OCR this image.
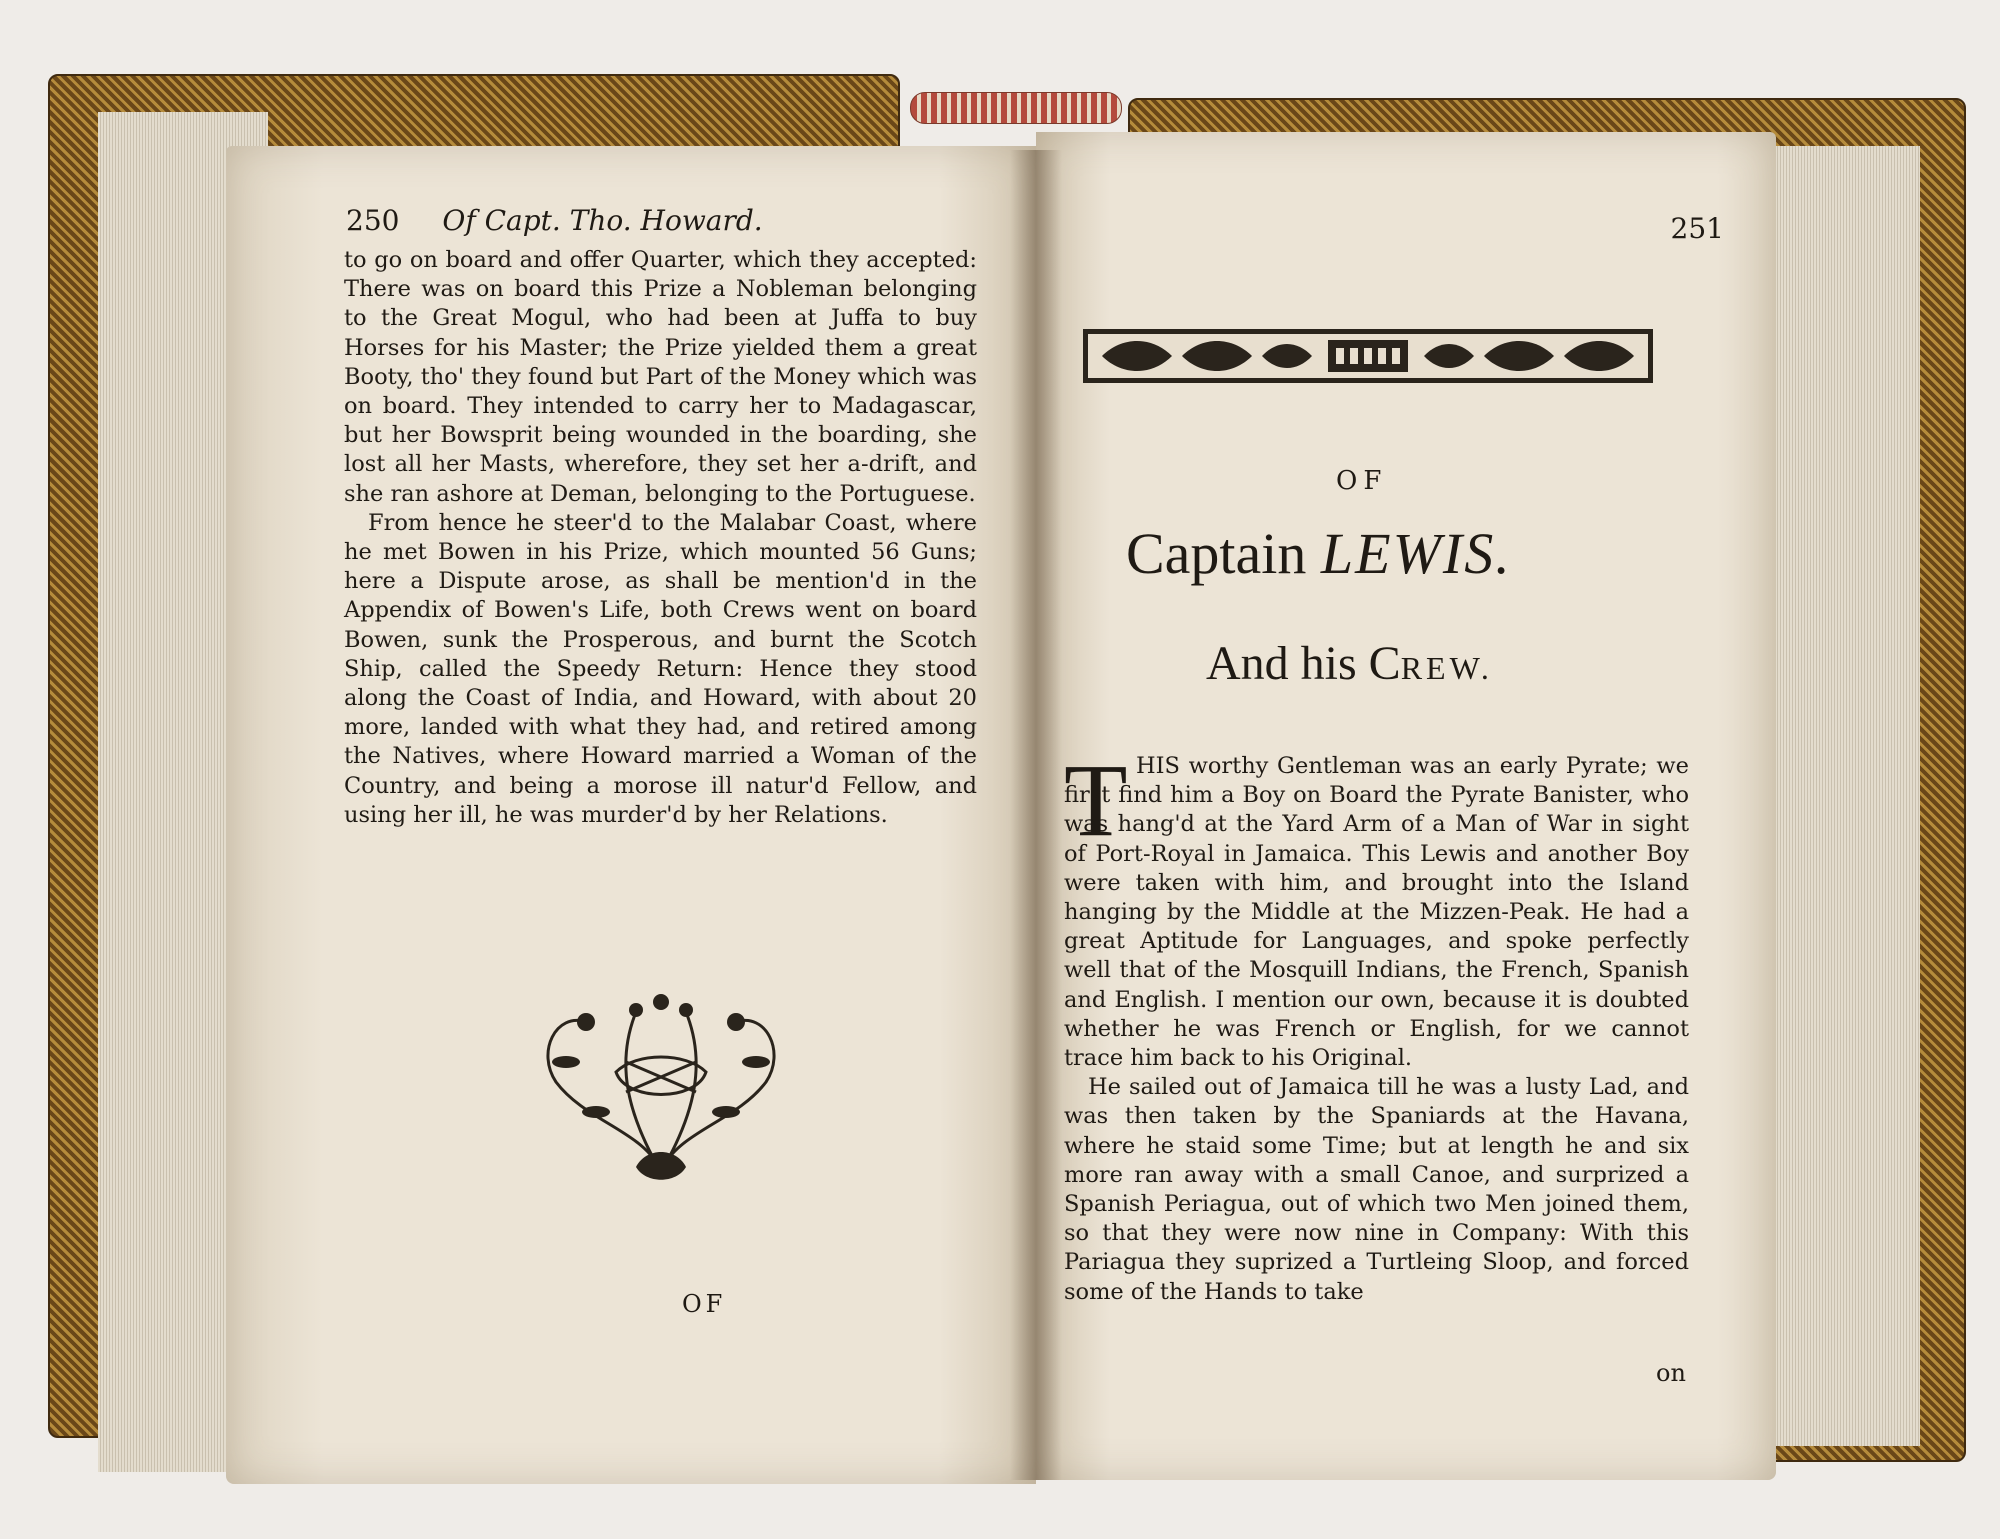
250 Of Capt. Tho. Howard.

to go on board and offer Quarter, which they accepted: There was on board this Prize a Nobleman belonging to the Great Mogul, who had been at Juffa to buy Horses for his Master; the Prize yielded them a great Booty, tho' they found but Part of the Money which was on board. They intended to carry her to Madagascar, but her Bowsprit being wounded in the boarding, she lost all her Masts, wherefore, they set her a-drift, and she ran ashore at Deman, belonging to the Portuguese.

From hence he steer'd to the Malabar Coast, where he met Bowen in his Prize, which mounted 56 Guns; here a Dispute arose, as shall be mention'd in the Appendix of Bowen's Life, both Crews went on board Bowen, sunk the Prosperous, and burnt the Scotch Ship, called the Speedy Return: Hence they stood along the Coast of India, and Howard, with about 20 more, landed with what they had, and retired among the Natives, where Howard married a Woman of the Country, and being a morose ill natur'd Fellow, and using her ill, he was murder'd by her Relations.

OF
251
OF
Captain LEWIS.
And his CREW.
T HIS worthy Gentleman was an early Pyrate; we first find him a Boy on Board the Pyrate Banister, who was hang'd at the Yard Arm of a Man of War in sight of Port-Royal in Jamaica. This Lewis and another Boy were taken with him, and brought into the Island hanging by the Middle at the Mizzen-Peak. He had a great Aptitude for Languages, and spoke perfectly well that of the Mosquill Indians, the French, Spanish and English. I mention our own, because it is doubted whether he was French or English, for we cannot trace him back to his Original.

He sailed out of Jamaica till he was a lusty Lad, and was then taken by the Spaniards at the Havana, where he staid some Time; but at length he and six more ran away with a small Canoe, and surprized a Spanish Periagua, out of which two Men joined them, so that they were now nine in Company: With this Pariagua they suprized a Turtleing Sloop, and forced some of the Hands to take

on
